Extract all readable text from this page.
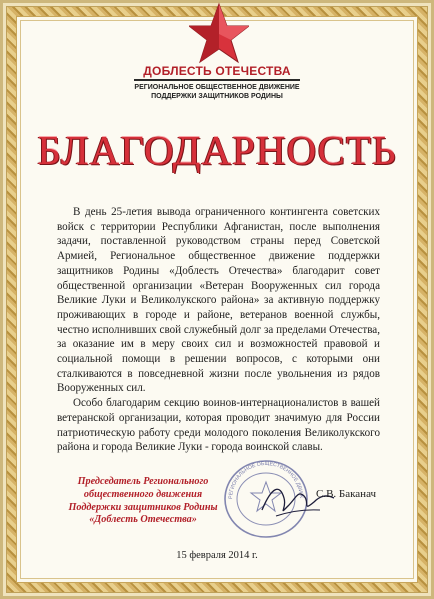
ДОБЛЕСТЬ ОТЕЧЕСТВА
РЕГИОНАЛЬНОЕ ОБЩЕСТВЕННОЕ ДВИЖЕНИЕ
ПОДДЕРЖКИ ЗАЩИТНИКОВ РОДИНЫ
БЛАГОДАРНОСТЬ

В день 25-летия вывода ограниченного контингента советских войск с территории Республики Афганистан, после выполнения задачи, поставленной руководством страны перед Советской Армией, Региональное общественное движение поддержки защитников Родины «Доблесть Отечества» благодарит совет общественной организации «Ветеран Вооруженных сил города Великие Луки и Великолукского района» за активную поддержку проживающих в городе и районе, ветеранов военной службы, честно исполнивших свой служебный долг за пределами Отечества, за оказание им в меру своих сил и возможностей правовой и социальной помощи в решении вопросов, с которыми они сталкиваются в повседневной жизни после увольнения из рядов Вооруженных сил.

Особо благодарим секцию воинов-интернационалистов в вашей ветеранской организации, которая проводит значимую для России патриотическую работу среди молодого поколения Великолукского района и города Великие Луки - города воинской славы.

Председатель Регионального
общественного движения
Поддержки защитников Родины
«Доблесть Отечества»
РЕГИОНАЛЬНОЕ ОБЩЕСТВЕННОЕ ДВИЖ С.В. Баканач
15 февраля 2014 г.
